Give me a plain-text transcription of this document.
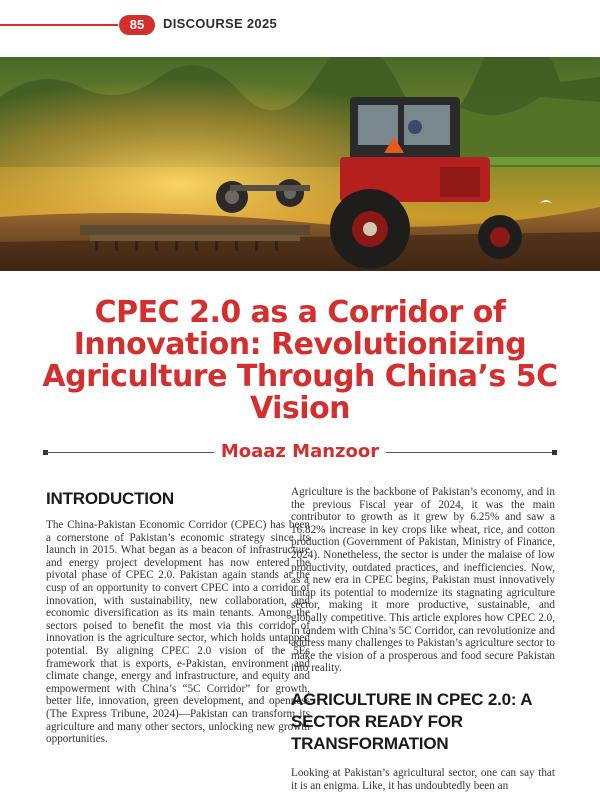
85	DISCOURSE 2025
CPEC 2.0 as a Corridor of Innovation: Revolutionizing Agriculture Through China’s 5C Vision
Moaaz Manzoor
INTRODUCTION

The China-Pakistan Economic Corridor (CPEC) has been a cornerstone of Pakistan’s economic strategy since its launch in 2015. What began as a beacon of infrastructure and energy project development has now entered the pivotal phase of CPEC 2.0. Pakistan again stands at the cusp of an opportunity to convert CPEC into a corridor of innovation, with sustainability, new collaboration, and economic diversification as its main tenants. Among the sectors poised to benefit the most via this corridor of innovation is the agriculture sector, which holds untapped potential. By aligning CPEC 2.0 vision of the 5Es framework that is exports, e-Pakistan, environment and climate change, energy and infrastructure, and equity and empowerment with China’s “5C Corridor” for growth, better life, innovation, green development, and openness (The Express Tribune, 2024)—Pakistan can transform its agriculture and many other sectors, unlocking new growth opportunities.

Agriculture is the backbone of Pakistan’s economy, and in the previous Fiscal year of 2024, it was the main contributor to growth as it grew by 6.25% and saw a 16.82% increase in key crops like wheat, rice, and cotton production (Government of Pakistan, Ministry of Finance, 2024). Nonetheless, the sector is under the malaise of low productivity, outdated practices, and inefficiencies. Now, as a new era in CPEC begins, Pakistan must innovatively untap its potential to modernize its stagnating agriculture sector, making it more productive, sustainable, and globally competitive. This article explores how CPEC 2.0, in tandem with China’s 5C Corridor, can revolutionize and address many challenges to Pakistan’s agriculture sector to make the vision of a prosperous and food secure Pakistan into reality.

AGRICULTURE IN CPEC 2.0: A SECTOR READY FOR TRANSFORMATION

Looking at Pakistan’s agricultural sector, one can say that it is an enigma. Like, it has undoubtedly been an
